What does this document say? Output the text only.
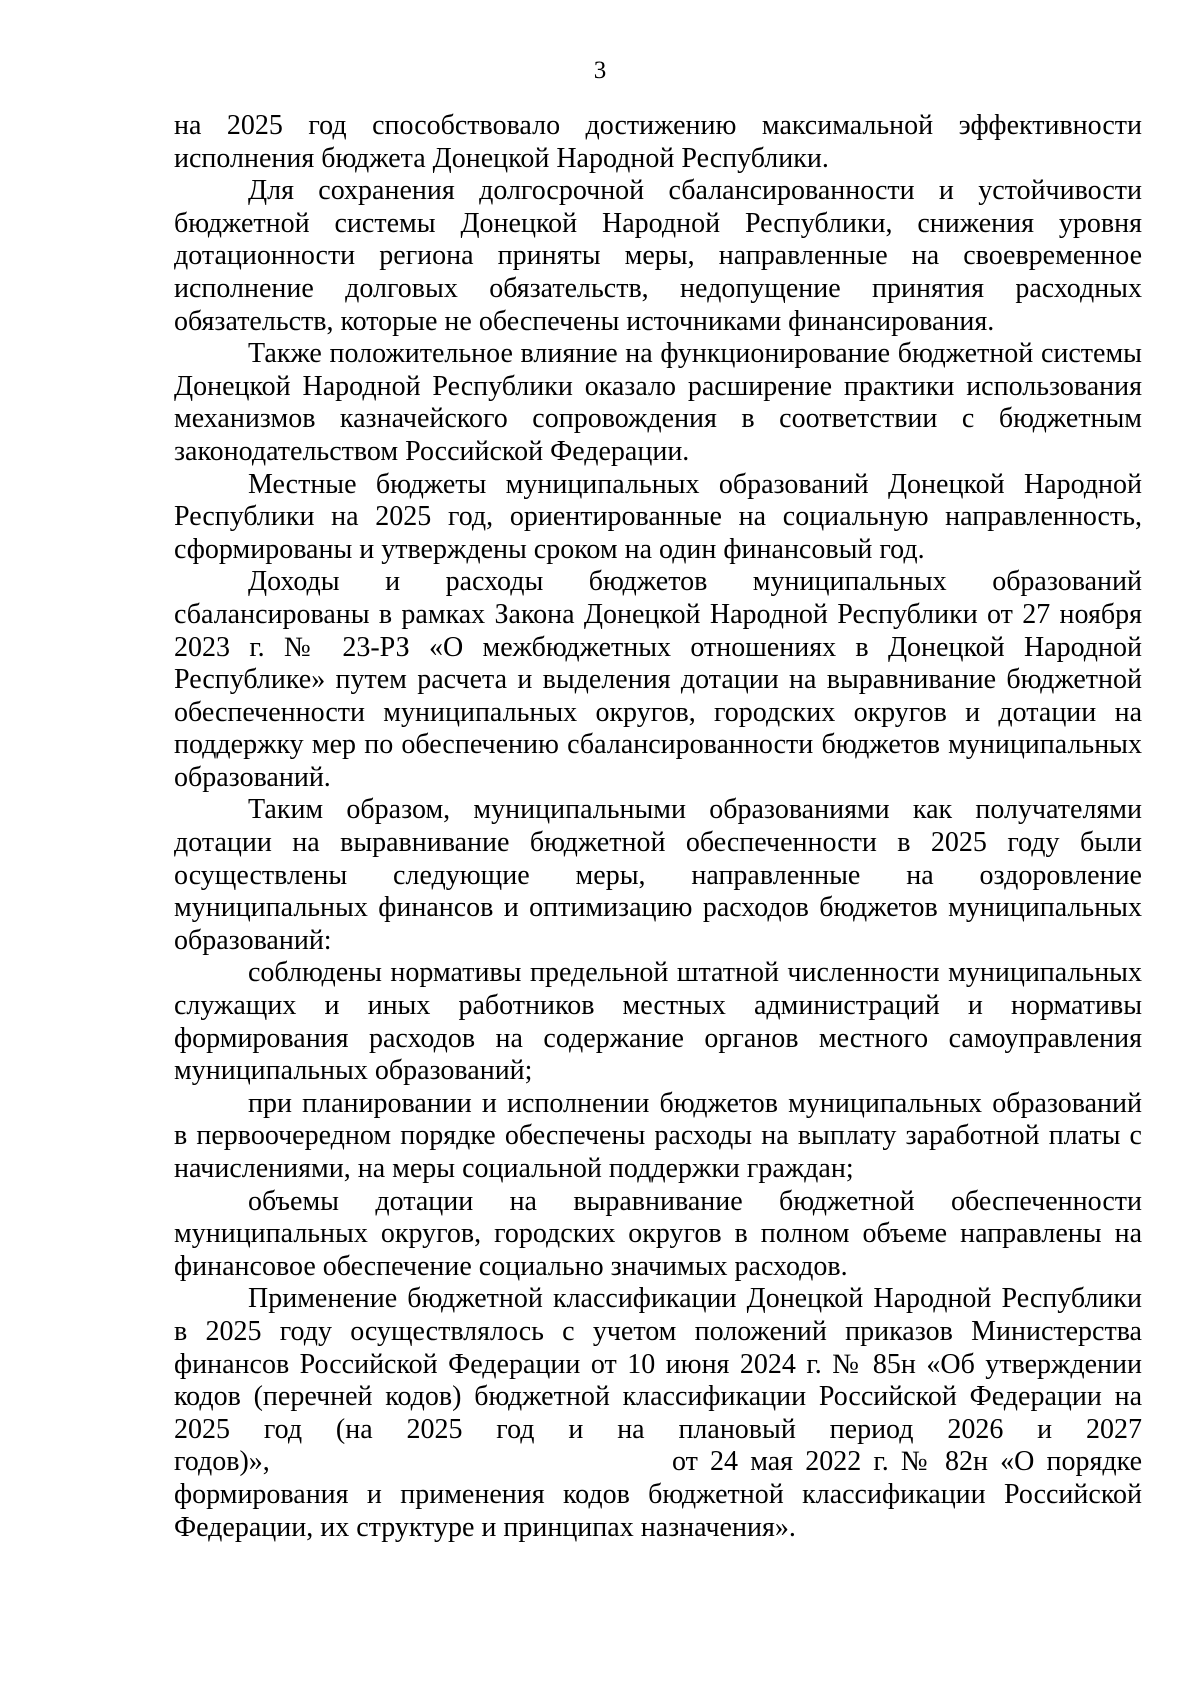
3

на 2025 год способствовало достижению максимальной эффективности исполнения бюджета Донецкой Народной Республики.

Для сохранения долгосрочной сбалансированности и устойчивости бюджетной системы Донецкой Народной Республики, снижения уровня дотационности региона приняты меры, направленные на своевременное исполнение долговых обязательств, недопущение принятия расходных обязательств, которые не обеспечены источниками финансирования.

Также положительное влияние на функционирование бюджетной системы Донецкой Народной Республики оказало расширение практики использования механизмов казначейского сопровождения в соответствии с бюджетным законодательством Российской Федерации.

Местные бюджеты муниципальных образований Донецкой Народной Республики на 2025 год, ориентированные на социальную направленность, сформированы и утверждены сроком на один финансовый год.

Доходы и расходы бюджетов муниципальных образований сбалансированы в рамках Закона Донецкой Народной Республики от 27 ноября 2023 г. № 23-РЗ «О межбюджетных отношениях в Донецкой Народной Республике» путем расчета и выделения дотации на выравнивание бюджетной обеспеченности муниципальных округов, городских округов и дотации на поддержку мер по обеспечению сбалансированности бюджетов муниципальных образований.

Таким образом, муниципальными образованиями как получателями дотации на выравнивание бюджетной обеспеченности в 2025 году были осуществлены следующие меры, направленные на оздоровление муниципальных финансов и оптимизацию расходов бюджетов муниципальных образований:

соблюдены нормативы предельной штатной численности муниципальных служащих и иных работников местных администраций и нормативы формирования расходов на содержание органов местного самоуправления муниципальных образований;

при планировании и исполнении бюджетов муниципальных образований в первоочередном порядке обеспечены расходы на выплату заработной платы с начислениями, на меры социальной поддержки граждан;

объемы дотации на выравнивание бюджетной обеспеченности муниципальных округов, городских округов в полном объеме направлены на финансовое обеспечение социально значимых расходов.

Применение бюджетной классификации Донецкой Народной Республики в 2025 году осуществлялось с учетом положений приказов Министерства финансов Российской Федерации от 10 июня 2024 г. № 85н «Об утверждении кодов (перечней кодов) бюджетной классификации Российской Федерации на 2025 год (на 2025 год и на плановый период 2026 и 2027

годов)»,	от 24 мая 2022 г. № 82н «О порядке

формирования и применения кодов бюджетной классификации Российской Федерации, их структуре и принципах назначения».
